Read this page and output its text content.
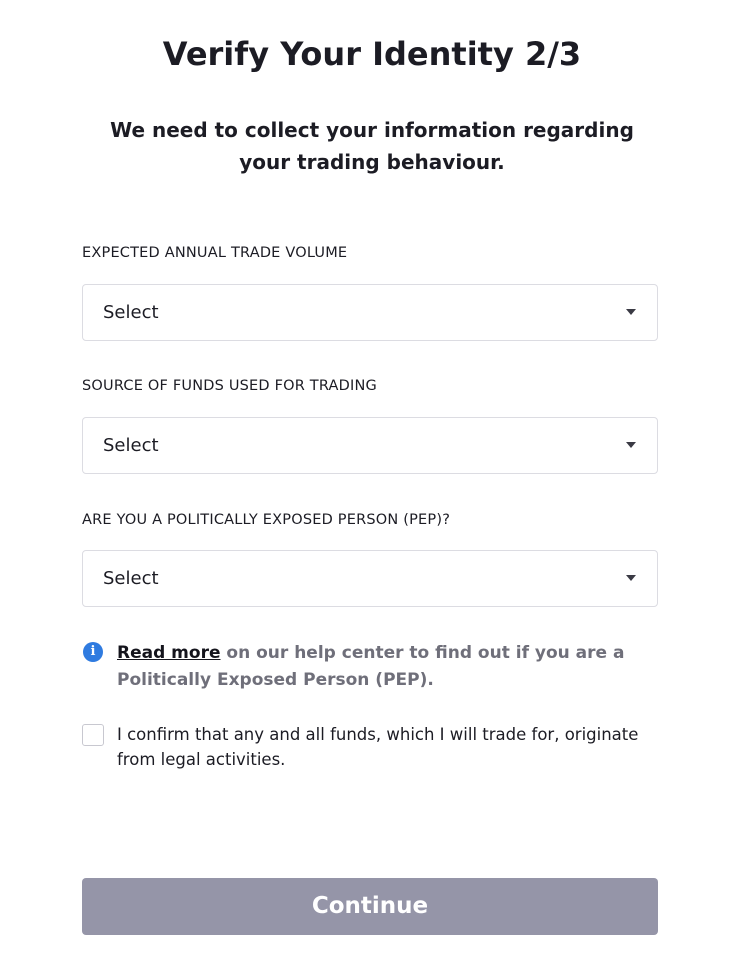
Verify Your Identity 2/3
We need to collect your information regarding your trading behaviour.
EXPECTED ANNUAL TRADE VOLUME
Select
SOURCE OF FUNDS USED FOR TRADING
Select
ARE YOU A POLITICALLY EXPOSED PERSON (PEP)?
Select
i	Read more on our help center to find out if you are a Politically Exposed Person (PEP).
I confirm that any and all funds, which I will trade for, originate from legal activities.
Continue
